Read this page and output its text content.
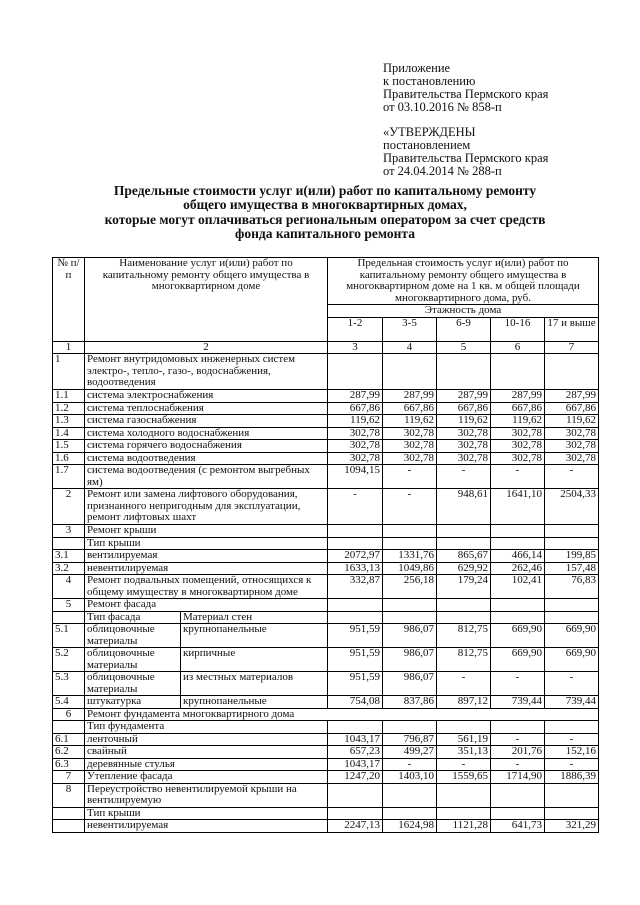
Приложение
к постановлению
Правительства Пермского края
от 03.10.2016 № 858-п
«УТВЕРЖДЕНЫ
постановлением
Правительства Пермского края
от 24.04.2014 № 288-п
Предельные стоимости услуг и(или) работ по капитальному ремонту
общего имущества в многоквартирных домах,
которые могут оплачиваться региональным оператором за счет средств
фонда капитального ремонта
№ п/п	Наименование услуг и(или) работ по капитальному ремонту общего имущества в многоквартирном доме		Предельная стоимость услуг и(или) работ по капитальному ремонту общего имущества в многоквартирном доме на 1 кв. м общей площади многоквартирного дома, руб.				
			Этажность дома				
			1-2	3-5	6-9	10-16	17 и выше
1	2		3	4	5	6	7
1	Ремонт внутридомовых инженерных систем электро-, тепло-, газо-, водоснабжения, водоотведения						
1.1	система электроснабжения		287,99	287,99	287,99	287,99	287,99
1.2	система теплоснабжения		667,86	667,86	667,86	667,86	667,86
1.3	система газоснабжения		119,62	119,62	119,62	119,62	119,62
1.4	система холодного водоснабжения		302,78	302,78	302,78	302,78	302,78
1.5	система горячего водоснабжения		302,78	302,78	302,78	302,78	302,78
1.6	система водоотведения		302,78	302,78	302,78	302,78	302,78
1.7	система водоотведения (с ремонтом выгребных ям)		1094,15	-	-	-	-
2	Ремонт или замена лифтового оборудования, признанного непригодным для эксплуатации, ремонт лифтовых шахт		-	-	948,61	1641,10	2504,33
3	Ремонт крыши						
	Тип крыши						
3.1	вентилируемая		2072,97	1331,76	865,67	466,14	199,85
3.2	невентилируемая		1633,13	1049,86	629,92	262,46	157,48
4	Ремонт подвальных помещений, относящихся к общему имуществу в многоквартирном доме		332,87	256,18	179,24	102,41	76,83
5	Ремонт фасада						
	Тип фасада	Материал стен					
5.1	облицовочные материалы	крупнопанельные	951,59	986,07	812,75	669,90	669,90
5.2	облицовочные материалы	кирпичные	951,59	986,07	812,75	669,90	669,90
5.3	облицовочные материалы	из местных материалов	951,59	986,07	-	-	-
5.4	штукатурка	крупнопанельные	754,08	837,86	897,12	739,44	739,44
6	Ремонт фундамента многоквартирного дома						
	Тип фундамента						
6.1	ленточный		1043,17	796,87	561,19	-	-
6.2	свайный		657,23	499,27	351,13	201,76	152,16
6.3	деревянные стулья		1043,17	-	-	-	-
7	Утепление фасада		1247,20	1403,10	1559,65	1714,90	1886,39
8	Переустройство невентилируемой крыши на вентилируемую						
	Тип крыши						
	невентилируемая		2247,13	1624,98	1121,28	641,73	321,29
